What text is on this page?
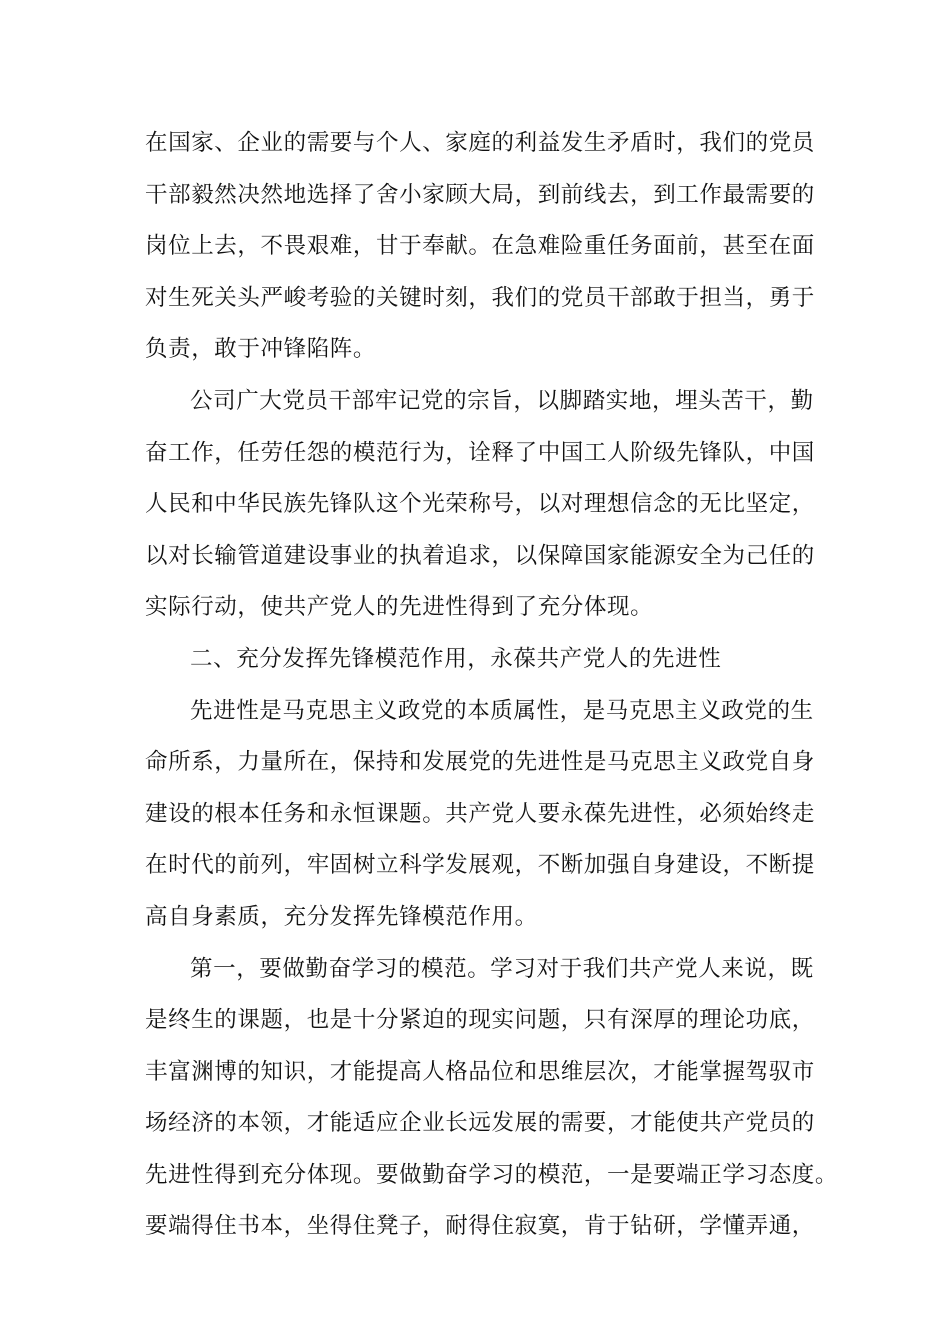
在国家、企业的需要与个人、家庭的利益发生矛盾时，我们的党员
干部毅然决然地选择了舍小家顾大局，到前线去，到工作最需要的
岗位上去，不畏艰难，甘于奉献。在急难险重任务面前，甚至在面
对生死关头严峻考验的关键时刻，我们的党员干部敢于担当，勇于
负责，敢于冲锋陷阵。
公司广大党员干部牢记党的宗旨，以脚踏实地，埋头苦干，勤
奋工作，任劳任怨的模范行为，诠释了中国工人阶级先锋队，中国
人民和中华民族先锋队这个光荣称号，以对理想信念的无比坚定，
以对长输管道建设事业的执着追求，以保障国家能源安全为己任的
实际行动，使共产党人的先进性得到了充分体现。
二、充分发挥先锋模范作用，永葆共产党人的先进性
先进性是马克思主义政党的本质属性，是马克思主义政党的生
命所系，力量所在，保持和发展党的先进性是马克思主义政党自身
建设的根本任务和永恒课题。共产党人要永葆先进性，必须始终走
在时代的前列，牢固树立科学发展观，不断加强自身建设，不断提
高自身素质，充分发挥先锋模范作用。
第一，要做勤奋学习的模范。学习对于我们共产党人来说，既
是终生的课题，也是十分紧迫的现实问题，只有深厚的理论功底，
丰富渊博的知识，才能提高人格品位和思维层次，才能掌握驾驭市
场经济的本领，才能适应企业长远发展的需要，才能使共产党员的
先进性得到充分体现。要做勤奋学习的模范，一是要端正学习态度。
要端得住书本，坐得住凳子，耐得住寂寞，肯于钻研，学懂弄通，
